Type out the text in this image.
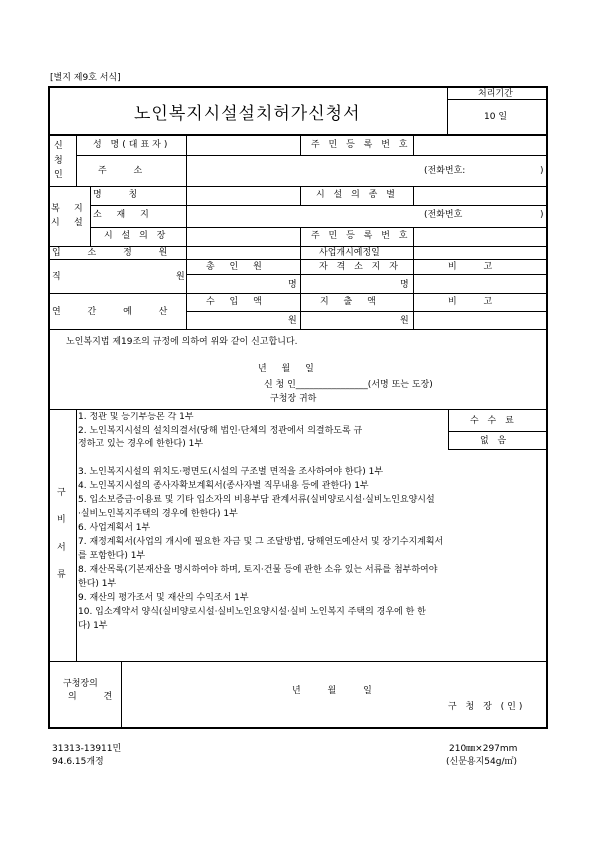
[별지 제9호 서식]
노인복지시설설치허가신청서
처리기간
10 일
신
청
인
성 명(대표자)	주 민 등 록 번 호
주 소	(전화번호:	)
복
시
지
설
명 칭	시 설 의 종 별
소 재 지	(전화번호	)
시 설 의 장	주 민 등 록 번 호
입 소 정 원	사업개시예정일
직	원
총 인 원	자 격 소 지 자	비 고
명	명
연 간 예 산
수 입 액	지 출 액	비 고
원	원
노인복지법 제19조의 규정에 의하여 위와 같이 신고합니다.
년 월 일
신 청 인________________(서명 또는 도장)
구청장 귀하
구
비
서
류
1. 정관 및 등기부등본 각 1부
2. 노인복지시설의 설치의결서(당해 법인·단체의 정관에서 의결하도록 규
정하고 있는 경우에 한한다) 1부
3. 노인복지시설의 위치도·평면도(시설의 구조별 면적을 조사하여야 한다) 1부
4. 노인복지시설의 종사자확보계획서(종사자별 직무내용 등에 관한다) 1부
5. 입소보증금·이용료 및 기타 입소자의 비용부담 관계서류(실비양로시설·실비노인요양시설
·실비노인복지주택의 경우에 한한다) 1부
6. 사업계획서 1부
7. 재정계획서(사업의 개시에 필요한 자금 및 그 조달방법, 당해연도예산서 및 장기수지계획서
를 포함한다) 1부
8. 재산목록(기본재산을 명시하여야 하며, 토지·건물 등에 관한 소유 있는 서류를 첨부하여야
한다) 1부
9. 재산의 평가조서 및 재산의 수익조서 1부
10. 입소계약서 양식(실비양로시설·실비노인요양시설·실비 노인복지 주택의 경우에 한 한
다) 1부
수 수 료
없 음
구청장의
의 견
년 월 일
구 청 장 (인)
31313-13911민
94.6.15개정
210㎜×297mm
(신문용지54g/㎡)
